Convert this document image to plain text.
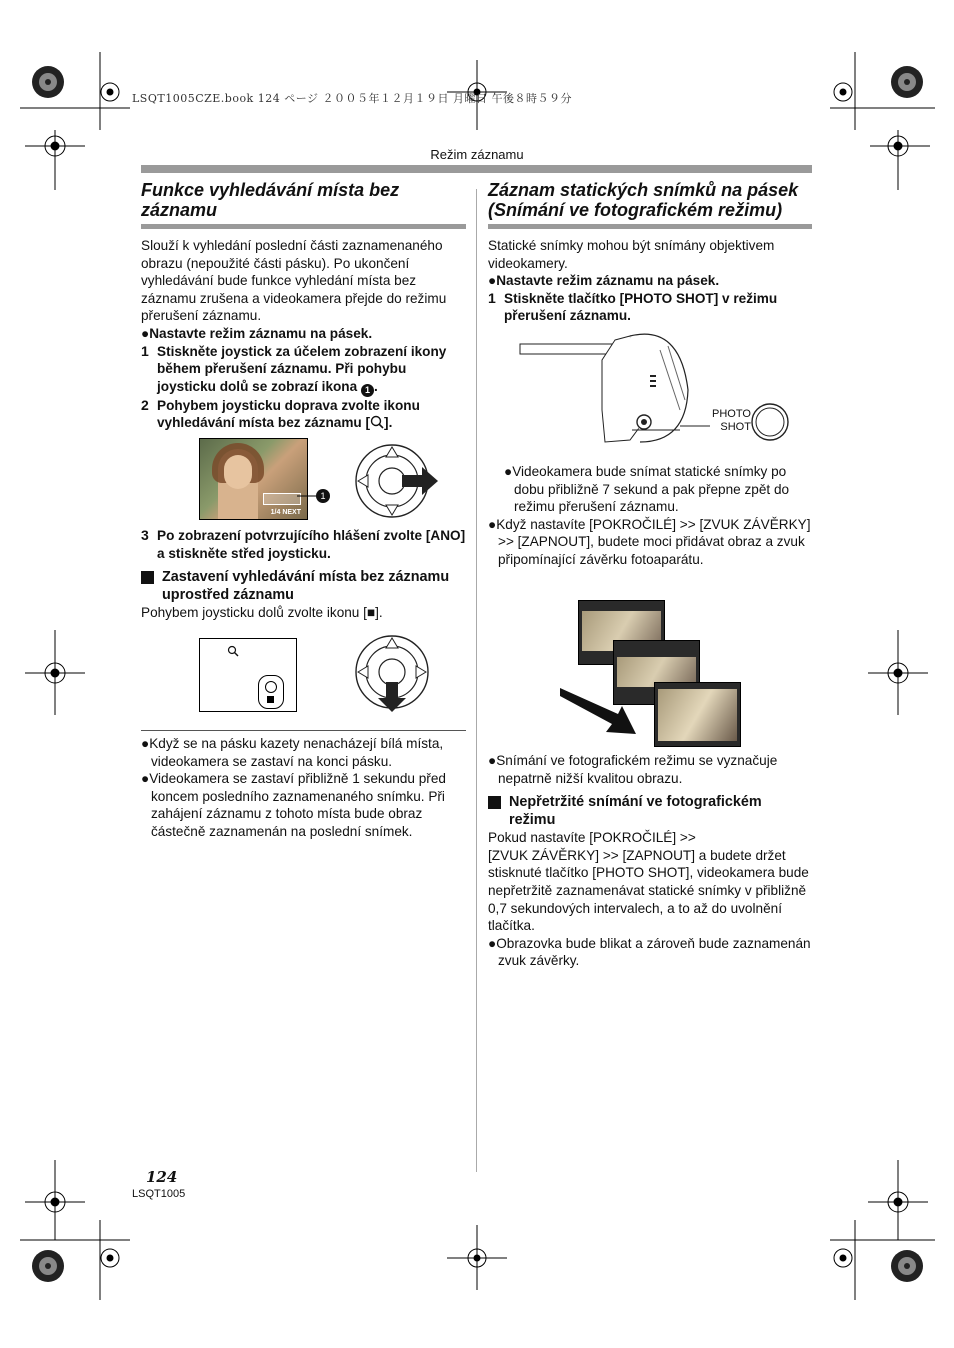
LSQT1005CZE.book 124 ページ ２００５年１２月１９日 月曜日 午後８時５９分
Režim záznamu
Funkce vyhledávání místa bez záznamu

Slouží k vyhledání poslední části zaznamenaného obrazu (nepoužité části pásku). Po ukončení vyhledávání bude funkce vyhledání místa bez záznamu zrušena a videokamera přejde do režimu přerušení záznamu.

●Nastavte režim záznamu na pásek.

1 Stiskněte joystick za účelem zobrazení ikony během přerušení záznamu. Při pohybu joysticku dolů se zobrazí ikona 1 .
2 Pohybem joysticku doprava zvolte ikonu vyhledávání místa bez záznamu [ ].
1/4 NEXT
1
3 Po zobrazení potvrzujícího hlášení zvolte [ANO] a stiskněte střed joysticku.
Zastavení vyhledávání místa bez záznamu uprostřed záznamu

Pohybem joysticku dolů zvolte ikonu [■].

●Když se na pásku kazety nenacházejí bílá místa, videokamera se zastaví na konci pásku.

●Videokamera se zastaví přibližně 1 sekundu před koncem posledního zaznamenaného snímku. Při zahájení záznamu z tohoto místa bude obraz částečně zaznamenán na poslední snímek.

Záznam statických snímků na pásek (Snímání ve fotografickém režimu)

Statické snímky mohou být snímány objektivem videokamery.

●Nastavte režim záznamu na pásek.

1 Stiskněte tlačítko [PHOTO SHOT] v režimu přerušení záznamu.
PHOTO
SHOT

●Videokamera bude snímat statické snímky po dobu přibližně 7 sekund a pak přepne zpět do režimu přerušení záznamu.

●Když nastavíte [POKROČILÉ] >> [ZVUK ZÁVĚRKY] >> [ZAPNOUT], budete moci přidávat obraz a zvuk připomínající závěrku fotoaparátu.

●Snímání ve fotografickém režimu se vyznačuje nepatrně nižší kvalitou obrazu.

Nepřetržité snímání ve fotografickém režimu

Pokud nastavíte [POKROČILÉ] >>

[ZVUK ZÁVĚRKY] >> [ZAPNOUT] a budete držet stisknuté tlačítko [PHOTO SHOT], videokamera bude nepřetržitě zaznamenávat statické snímky v přibližně 0,7 sekundových intervalech, a to až do uvolnění tlačítka.

●Obrazovka bude blikat a zároveň bude zaznamenán zvuk závěrky.

124
LSQT1005
